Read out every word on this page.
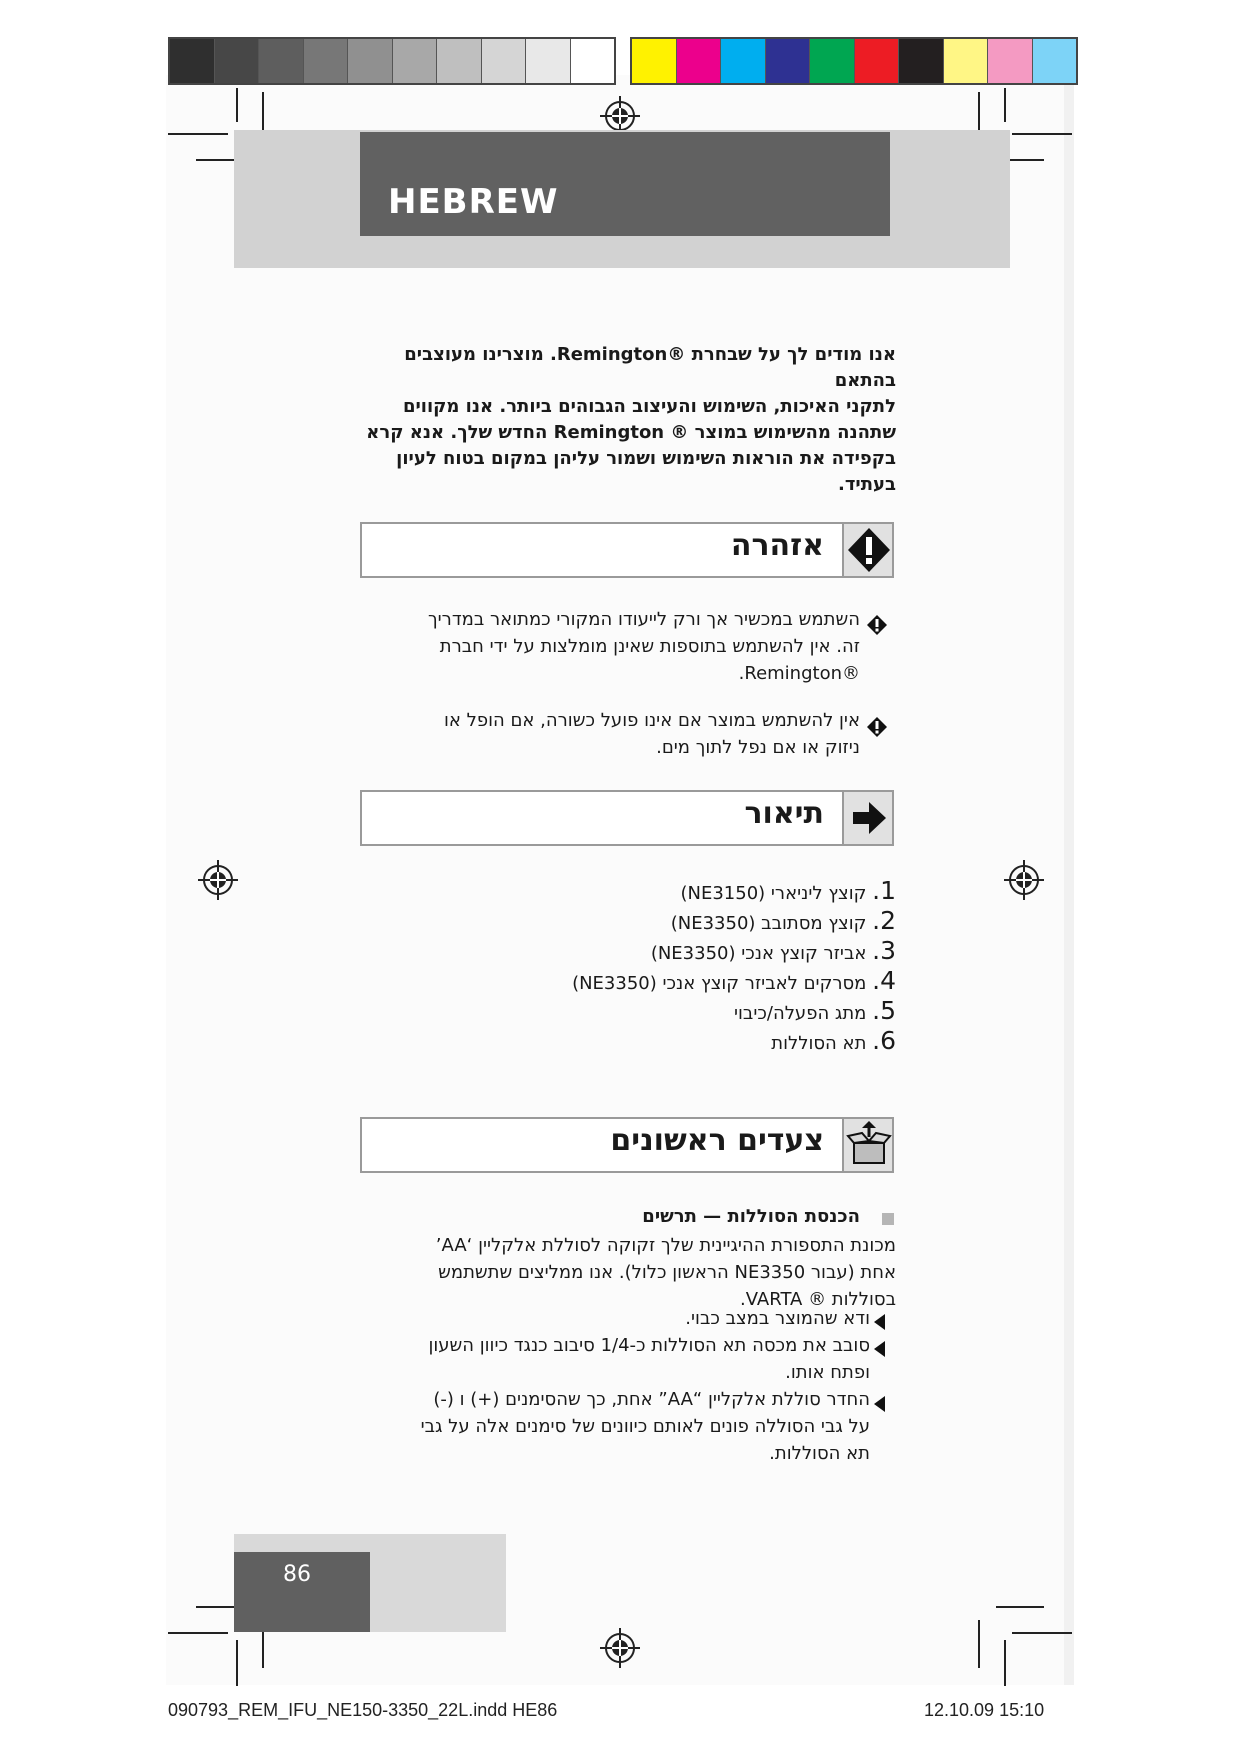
HEBREW
אנו מודים לך על שבחרת ®Remington. מוצרינו מעוצבים בהתאם
לתקני האיכות, השימוש והעיצוב הגבוהים ביותר. אנו מקווים
שתהנה מהשימוש במוצר ® Remington החדש שלך. אנא קרא
בקפידה את הוראות השימוש ושמור עליהן במקום בטוח לעיון
בעתיד.
אזהרה
השתמש במכשיר אך ורק לייעודו המקורי כמתואר במדריך
זה. אין להשתמש בתוספות שאינן מומלצות על ידי חברת
®Remington.
אין להשתמש במוצר אם אינו פועל כשורה, אם הופל או
ניזוק או אם נפל לתוך מים.
תיאור
1. קוצץ ליניארי (NE3150)
2. קוצץ מסתובב (NE3350)
3. אביזר קוצץ אנכי (NE3350)
4. מסרקים לאביזר קוצץ אנכי (NE3350)
5. מתג הפעלה/כיבוי
6. תא הסוללות
צעדים ראשונים
הכנסת הסוללות — תרשים
מכונת התספורת ההיגיינית שלך זקוקה לסוללת אלקליין ‘AA’
אחת (עבור NE3350 הראשון כלול). אנו ממליצים שתשתמש
בסוללות ® VARTA.
ודא שהמוצר במצב כבוי.
סובב את מכסה תא הסוללות כ-1/4 סיבוב כנגד כיוון השעון
ופתח אותו.
החדר סוללת אלקליין “AA” אחת, כך שהסימנים (+) ו (-)
על גבי הסוללה פונים לאותם כיוונים של סימנים אלה על גבי
תא הסוללות.
86
090793_REM_IFU_NE150-3350_22L.indd HE86	12.10.09 15:10
